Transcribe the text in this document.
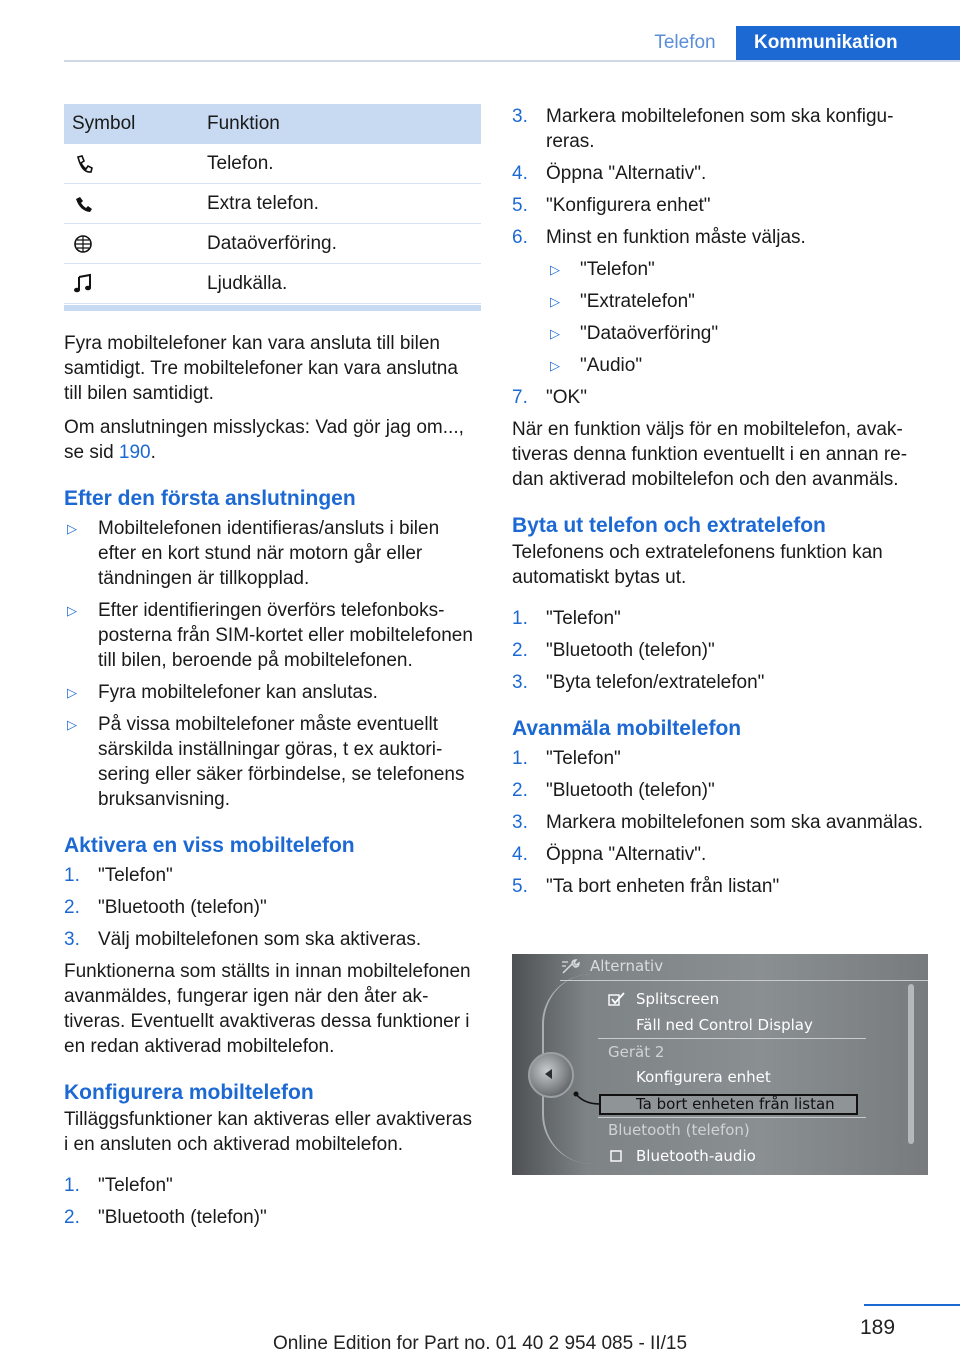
Telefon	Kommunikation
Symbol	Funktion
Telefon.
Extra telefon.
Dataöverföring.
Ljudkälla.
Fyra mobiltelefoner kan vara ansluta till bilen samtidigt. Tre mobiltelefoner kan vara anslutna till bilen samtidigt.
Om anslutningen misslyckas: Vad gör jag om..., se sid 190.
Efter den första anslutningen
▷ Mobiltelefonen identifieras/ansluts i bilen efter en kort stund när motorn går eller tändningen är tillkopplad.
▷ Efter identifieringen överförs telefonboksposterna från SIM-kortet eller mobiltelefonen till bilen, beroende på mobiltelefonen.
▷ Fyra mobiltelefoner kan anslutas.
▷ På vissa mobiltelefoner måste eventuellt särskilda inställningar göras, t ex auktorisering eller säker förbindelse, se telefonens bruksanvisning.
Aktivera en viss mobiltelefon
1. "Telefon"
2. "Bluetooth (telefon)"
3. Välj mobiltelefonen som ska aktiveras.
Funktionerna som ställts in innan mobiltelefonen avanmäldes, fungerar igen när den åter aktiveras. Eventuellt avaktiveras dessa funktioner i en redan aktiverad mobiltelefon.
Konfigurera mobiltelefon
Tilläggsfunktioner kan aktiveras eller avaktiveras i en ansluten och aktiverad mobiltelefon.
1. "Telefon"
2. "Bluetooth (telefon)"
3. Markera mobiltelefonen som ska konfigureras.
4. Öppna "Alternativ".
5. "Konfigurera enhet"
6. Minst en funktion måste väljas.
▷ "Telefon"
▷ "Extratelefon"
▷ "Dataöverföring"
▷ "Audio"
7. "OK"
När en funktion väljs för en mobiltelefon, avaktiveras denna funktion eventuellt i en annan redan aktiverad mobiltelefon och den avanmäls.
Byta ut telefon och extratelefon
Telefonens och extratelefonens funktion kan automatiskt bytas ut.
1. "Telefon"
2. "Bluetooth (telefon)"
3. "Byta telefon/extratelefon"
Avanmäla mobiltelefon
1. "Telefon"
2. "Bluetooth (telefon)"
3. Markera mobiltelefonen som ska avanmälas.
4. Öppna "Alternativ".
5. "Ta bort enheten från listan"
Alternativ
Splitscreen
Fäll ned Control Display
Gerät 2
Konfigurera enhet
Ta bort enheten från listan
Bluetooth (telefon)
Bluetooth-audio
189
Online Edition for Part no. 01 40 2 954 085 - II/15
